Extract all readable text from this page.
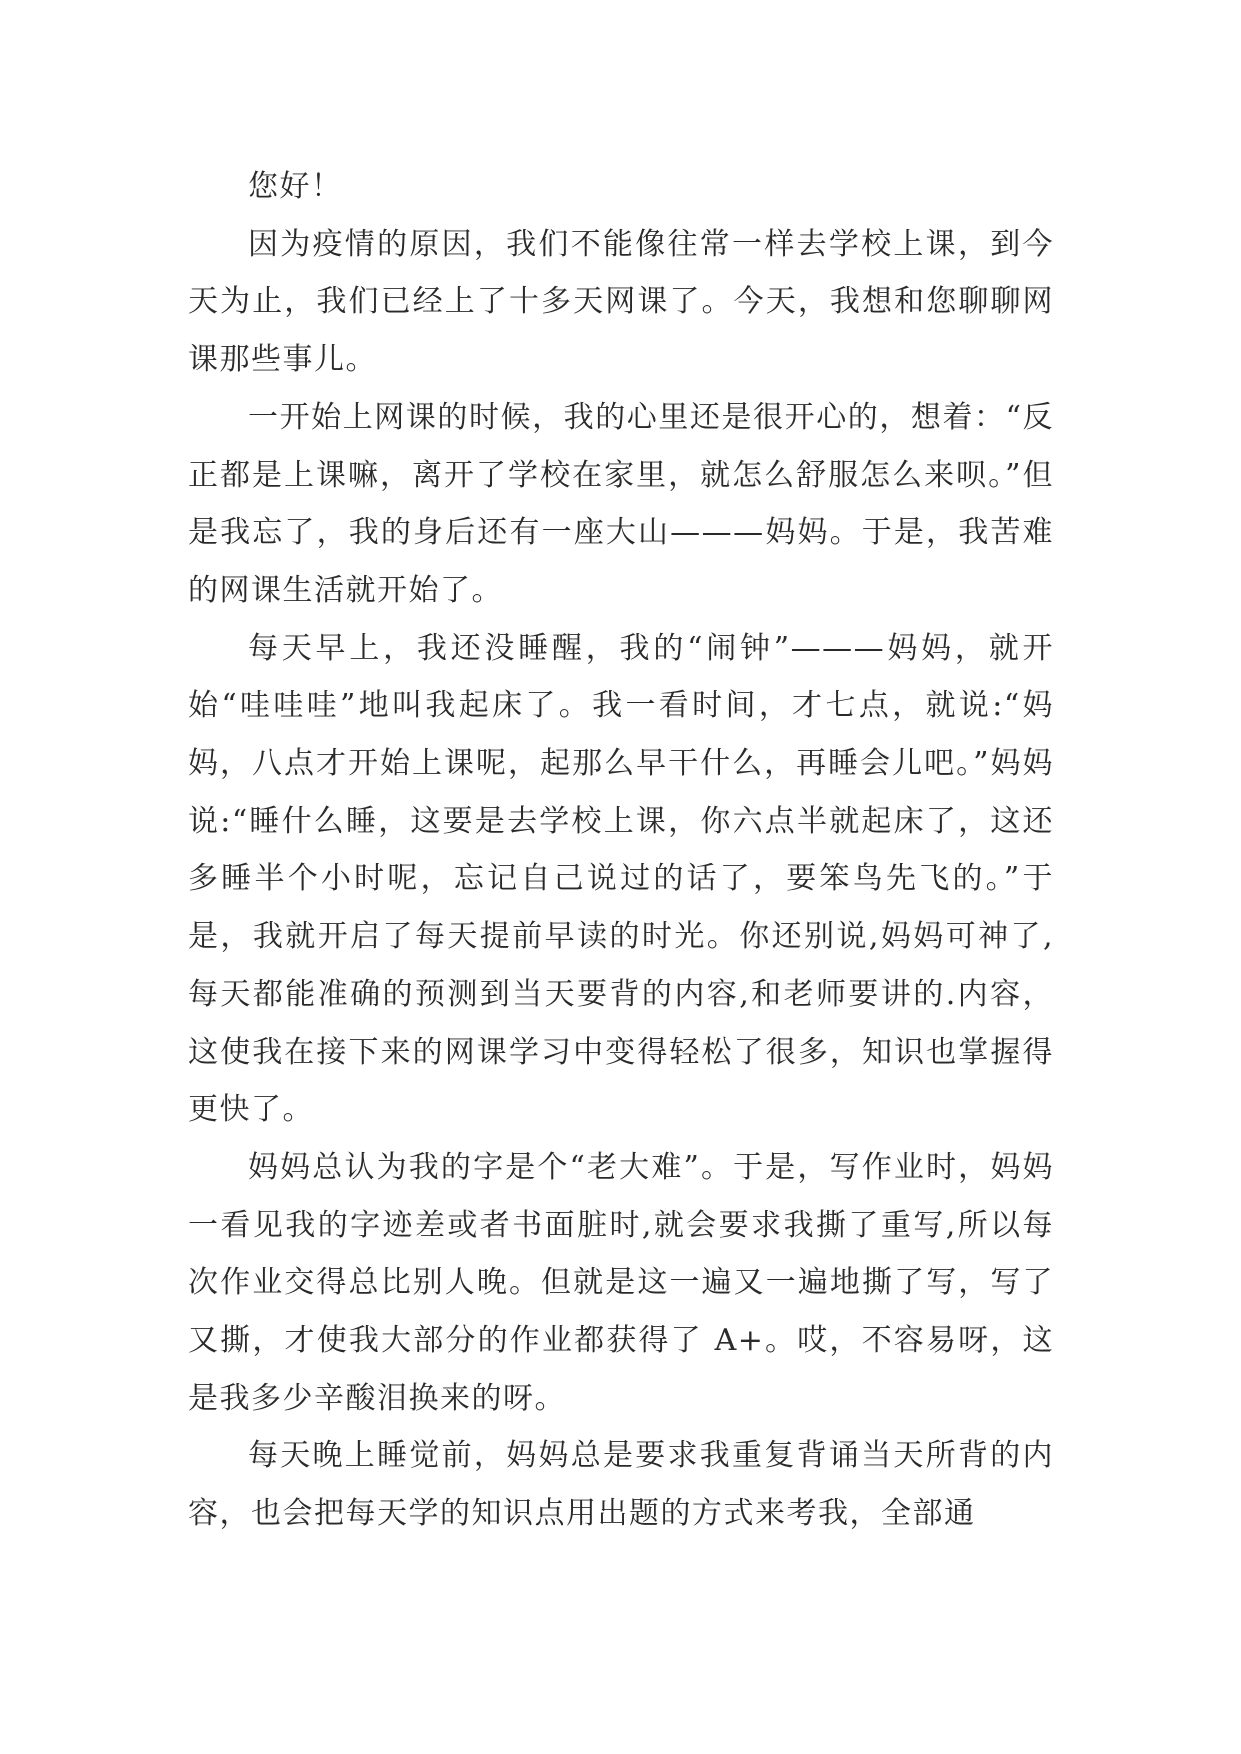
您好！

因为疫情的原因，我们不能像往常一样去学校上课，到今天为止，我们已经上了十多天网课了。今天，我想和您聊聊网课那些事儿。

一开始上网课的时候，我的心里还是很开心的，想着：“反正都是上课嘛，离开了学校在家里，就怎么舒服怎么来呗。”但是我忘了，我的身后还有一座大山———妈妈。于是，我苦难的网课生活就开始了。

每天早上，我还没睡醒，我的“闹钟”———妈妈，就开始“哇哇哇”地叫我起床了。我一看时间，才七点，就说:“妈妈，八点才开始上课呢，起那么早干什么，再睡会儿吧。”妈妈说:“睡什么睡，这要是去学校上课，你六点半就起床了，这还多睡半个小时呢，忘记自己说过的话了，要笨鸟先飞的。”于是，我就开启了每天提前早读的时光。你还别说,妈妈可神了,每天都能准确的预测到当天要背的内容,和老师要讲的.内容，这使我在接下来的网课学习中变得轻松了很多，知识也掌握得更快了。

妈妈总认为我的字是个“老大难”。于是，写作业时，妈妈一看见我的字迹差或者书面脏时,就会要求我撕了重写,所以每次作业交得总比别人晚。但就是这一遍又一遍地撕了写，写了又撕，才使我大部分的作业都获得了 A+。哎，不容易呀，这是我多少辛酸泪换来的呀。

每天晚上睡觉前，妈妈总是要求我重复背诵当天所背的内容，也会把每天学的知识点用出题的方式来考我，全部通
